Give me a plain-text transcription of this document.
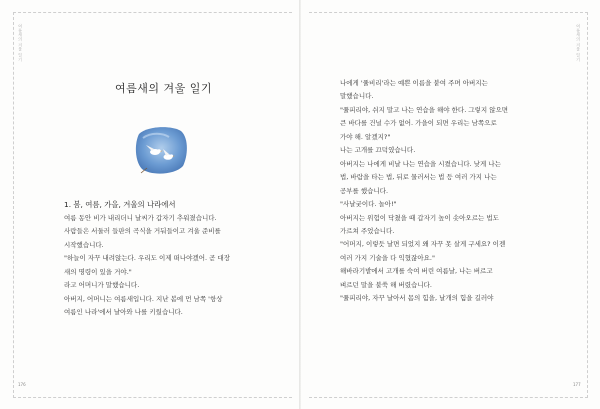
여름새의 겨울 일기	여름새의 겨울 일기
176	177
여름새의 겨울 일기
1. 봄, 여름, 가을, 겨울의 나라에서
여름 동안 비가 내리더니 날씨가 갑자기 추워졌습니다.
사람들은 서둘러 들판의 곡식을 거둬들이고 겨울 준비를
시작했습니다.
"하늘이 자꾸 내려앉는다. 우리도 이제 떠나야겠어. 곧 대장
새의 명령이 있을 거야."
라고 어머니가 말했습니다.
아버지, 어머니는 여름새입니다. 지난 봄에 먼 남쪽 '항상
여름인 나라'에서 날아와 나를 키웠습니다.
나에게 '퓰비리'라는 예쁜 이름을 붙여 주며 아버지는
말했습니다.
"퓰피리야, 쉬지 말고 나는 연습을 해야 한다. 그렇지 않으면
큰 바다를 건널 수가 없어. 가을이 되면 우리는 남쪽으로
가야 해. 알겠지?"
나는 고개를 끄덕였습니다.
아버지는 나에게 비날 나는 연습을 시켰습니다. 낮게 나는
법, 바람을 타는 법, 뒤로 물러서는 법 등 여러 가지 나는
공부를 했습니다.
"사날궂이다. 놀아!"
아버지는 위험이 닥쳤을 때 갑자기 높이 솟아오르는 법도
가르쳐 주었습니다.
"어머지, 이렇듯 날면 되었지 왜 자꾸 못 살게 구세요? 이젠
여러 가지 기술을 다 익혔잖아요."
해바라기밭에서 고개를 숙여 버린 여름날, 나는 버르고
벼르던 말을 불쑥 해 버렸습니다.
"퓰피리야, 자꾸 날아서 몸의 힘을, 날개의 힘을 길러야
